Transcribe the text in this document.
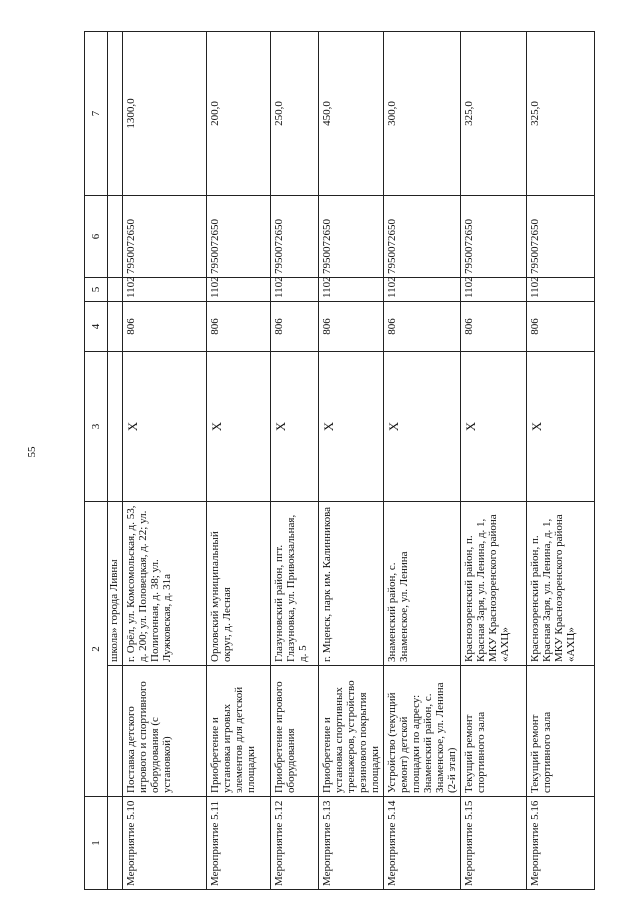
55
1	2		3	4	5	6	7
		школа» города Ливны					
Мероприятие 5.10	Поставка детского игрового и спортивного оборудования (с установкой)	г. Орёл, ул. Комсомольская, д. 53, д. 200; ул. Половецкая, д. 22; ул. Полигонная, д. 38; ул. Лужковская, д. 31а	X	806	1102	7950072650	1300,0
Мероприятие 5.11	Приобретение и установка игровых элементов для детской площадки	Орловский муниципальный округ, д. Лесная	X	806	1102	7950072650	200,0
Мероприятие 5.12	Приобретение игрового оборудования	Глазуновский район, пгт. Глазуновка, ул. Привокзальная, д. 5	X	806	1102	7950072650	250,0
Мероприятие 5.13	Приобретение и установка спортивных тренажеров, устройство резинового покрытия площадки	г. Мценск, парк им. Калинникова	X	806	1102	7950072650	450,0
Мероприятие 5.14	Устройство (текущий ремонт) детской площадки по адресу: Знаменский район, с. Знаменское, ул. Ленина (2-й этап)	Знаменский район, с. Знаменское, ул. Ленина	X	806	1102	7950072650	300,0
Мероприятие 5.15	Текущий ремонт спортивного зала	Краснозоренский район, п. Красная Заря, ул. Ленина, д. 1, МКУ Краснозоренского района «АХЦ»	X	806	1102	7950072650	325,0
Мероприятие 5.16	Текущий ремонт спортивного зала	Краснозоренский район, п. Красная Заря, ул. Ленина, д. 1, МКУ Краснозоренского района «АХЦ»	X	806	1102	7950072650	325,0
